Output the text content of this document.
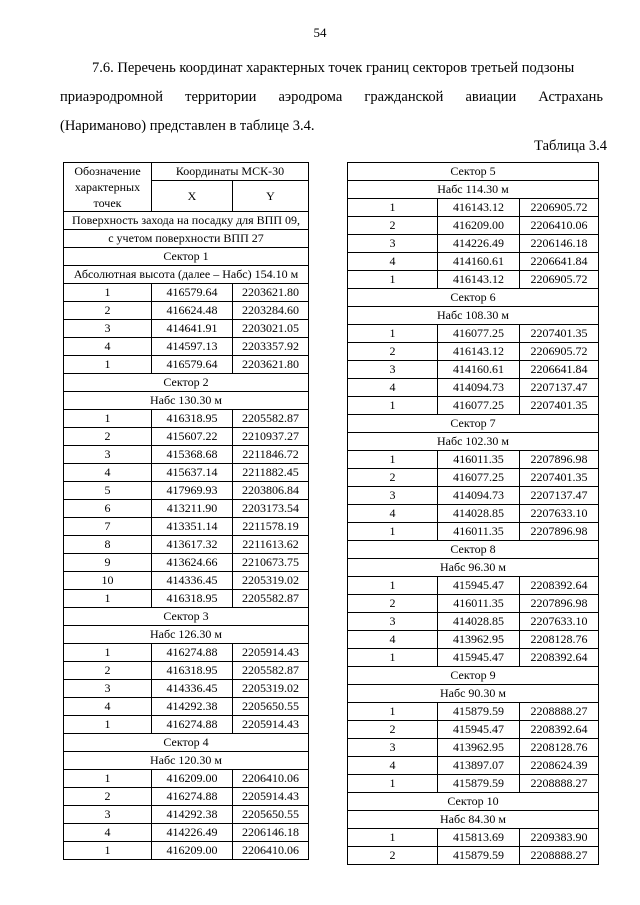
54
7.6. Перечень координат характерных точек границ секторов третьей подзоны
приаэродромной территории аэродрома гражданской авиации Астрахань
(Нариманово) представлен в таблице 3.4.
Таблица 3.4
Обозначение
характерных
точек	Координаты МСК-30	
	X	Y
Поверхность захода на посадку для ВПП 09,		
с учетом поверхности ВПП 27		
Сектор 1		
Абсолютная высота (далее – Набс) 154.10 м		
1	416579.64	2203621.80
2	416624.48	2203284.60
3	414641.91	2203021.05
4	414597.13	2203357.92
1	416579.64	2203621.80
Сектор 2		
Набс 130.30 м		
1	416318.95	2205582.87
2	415607.22	2210937.27
3	415368.68	2211846.72
4	415637.14	2211882.45
5	417969.93	2203806.84
6	413211.90	2203173.54
7	413351.14	2211578.19
8	413617.32	2211613.62
9	413624.66	2210673.75
10	414336.45	2205319.02
1	416318.95	2205582.87
Сектор 3		
Набс 126.30 м		
1	416274.88	2205914.43
2	416318.95	2205582.87
3	414336.45	2205319.02
4	414292.38	2205650.55
1	416274.88	2205914.43
Сектор 4		
Набс 120.30 м		
1	416209.00	2206410.06
2	416274.88	2205914.43
3	414292.38	2205650.55
4	414226.49	2206146.18
1	416209.00	2206410.06
Сектор 5		
Набс 114.30 м		
1	416143.12	2206905.72
2	416209.00	2206410.06
3	414226.49	2206146.18
4	414160.61	2206641.84
1	416143.12	2206905.72
Сектор 6		
Набс 108.30 м		
1	416077.25	2207401.35
2	416143.12	2206905.72
3	414160.61	2206641.84
4	414094.73	2207137.47
1	416077.25	2207401.35
Сектор 7		
Набс 102.30 м		
1	416011.35	2207896.98
2	416077.25	2207401.35
3	414094.73	2207137.47
4	414028.85	2207633.10
1	416011.35	2207896.98
Сектор 8		
Набс 96.30 м		
1	415945.47	2208392.64
2	416011.35	2207896.98
3	414028.85	2207633.10
4	413962.95	2208128.76
1	415945.47	2208392.64
Сектор 9		
Набс 90.30 м		
1	415879.59	2208888.27
2	415945.47	2208392.64
3	413962.95	2208128.76
4	413897.07	2208624.39
1	415879.59	2208888.27
Сектор 10		
Набс 84.30 м		
1	415813.69	2209383.90
2	415879.59	2208888.27
